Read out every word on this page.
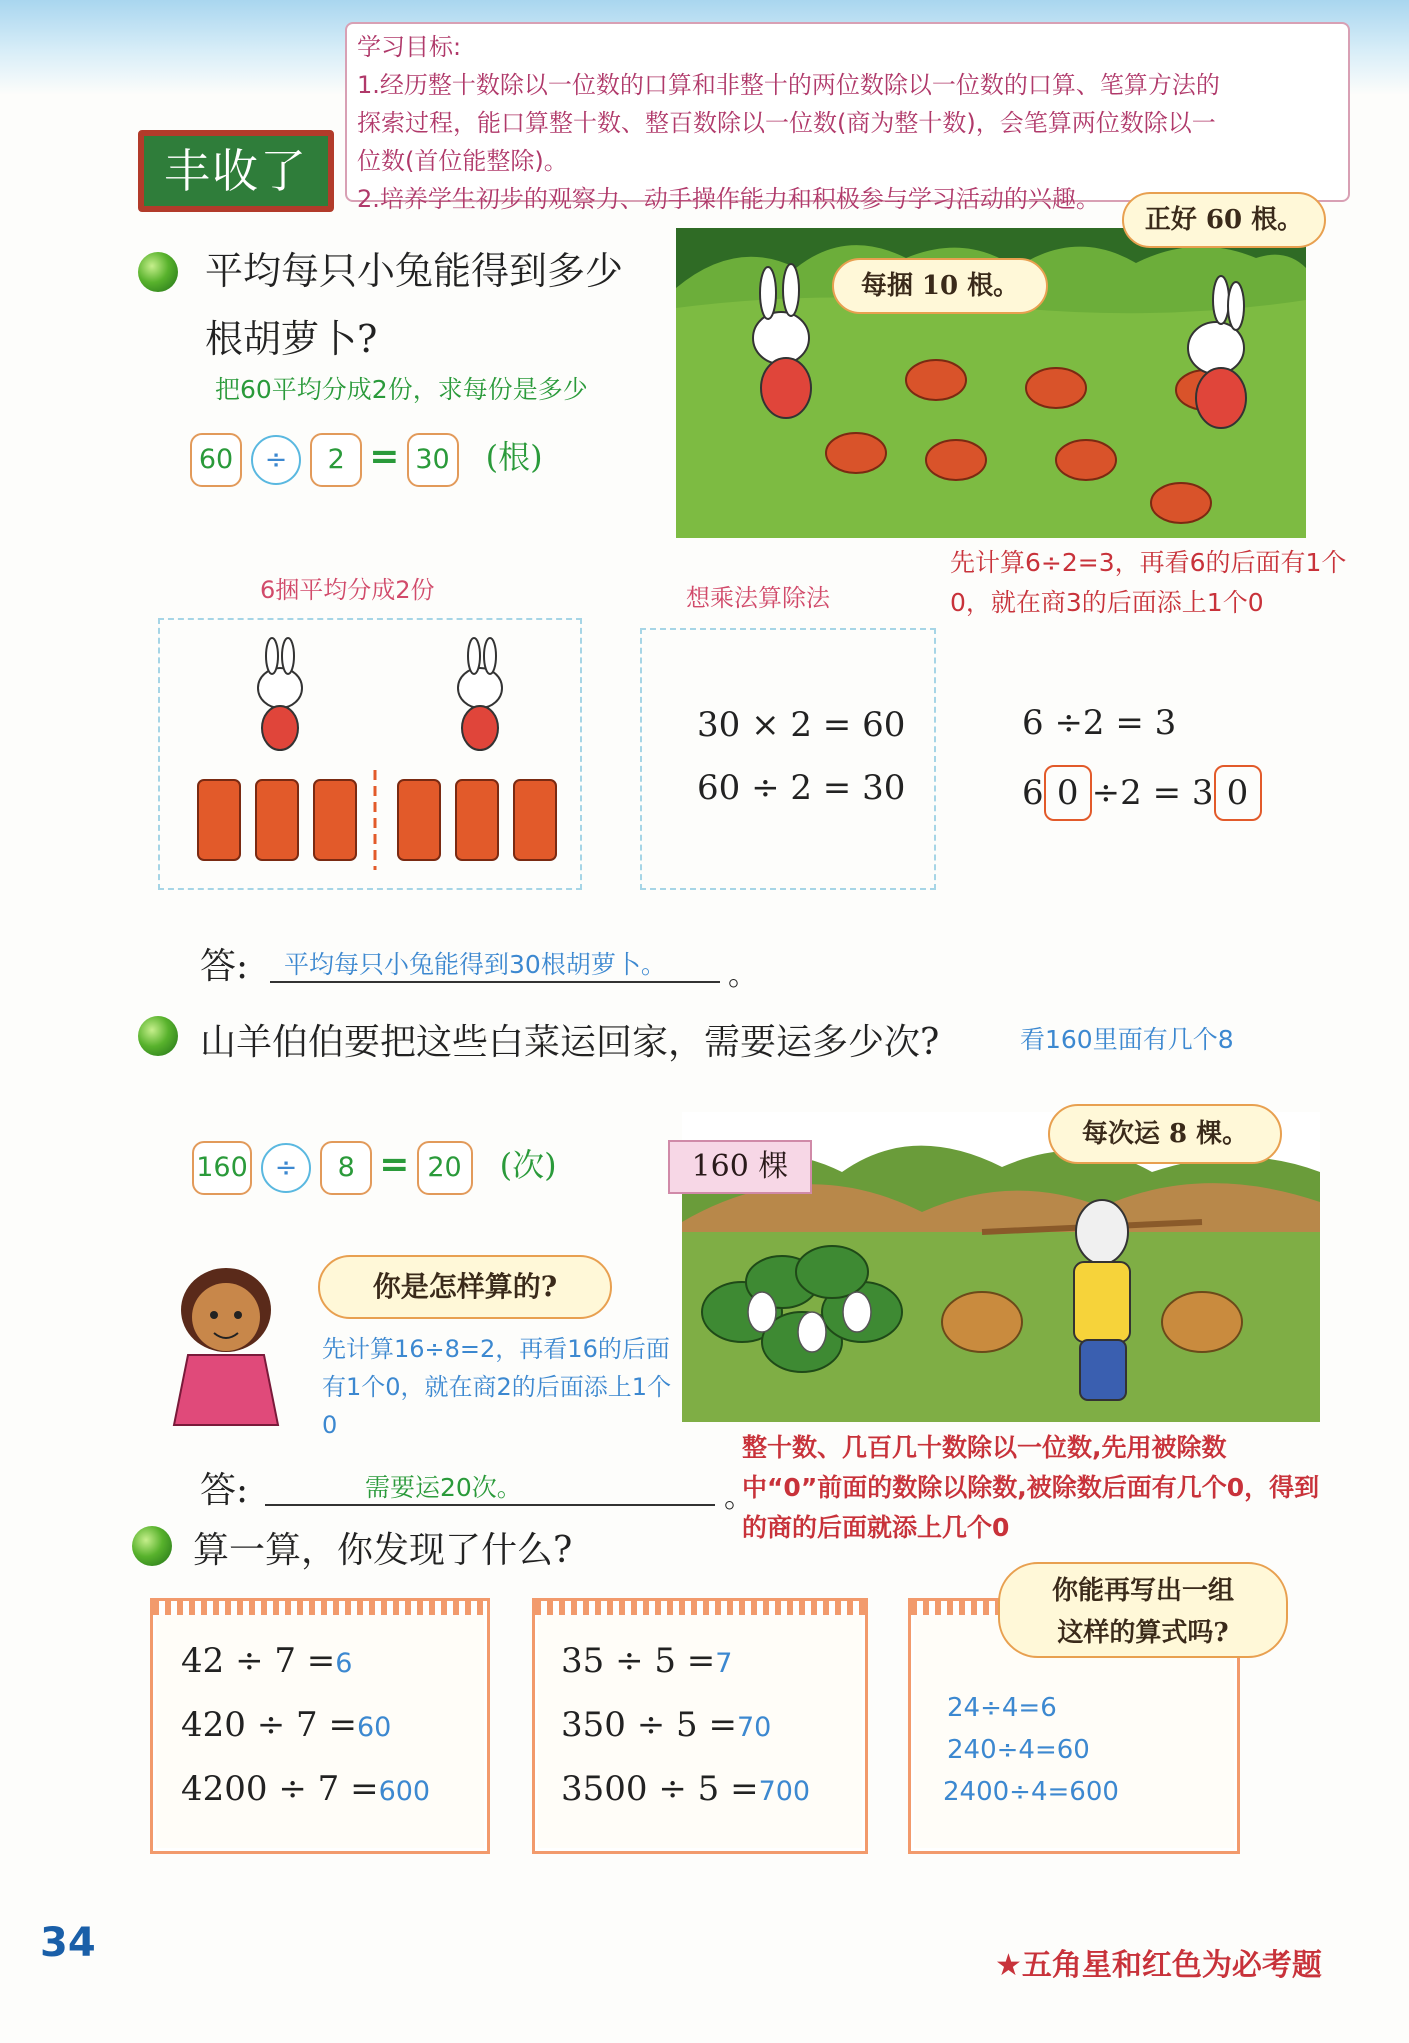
学习目标:

1.经历整十数除以一位数的口算和非整十的两位数除以一位数的口算、笔算方法的

探索过程，能口算整十数、整百数除以一位数(商为整十数)，会笔算两位数除以一

位数(首位能整除)。

2.培养学生初步的观察力、动手操作能力和积极参与学习活动的兴趣。

丰收了
平均每只小兔能得到多少
根胡萝卜?
把60平均分成2份，求每份是多少
60 ÷ 2 = 30 (根)
每捆 10 根。
正好 60 根。
先计算6÷2=3，再看6的后面有1个0，就在商3的后面添上1个0
6捆平均分成2份	想乘法算除法
30 × 2 = 60
60 ÷ 2 = 30
6 ÷2 = 3
6 0 ÷2 = 3 0
答:	平均每只小兔能得到30根胡萝卜。	。
山羊伯伯要把这些白菜运回家，需要运多少次?	看160里面有几个8
160 ÷ 8 = 20 (次)	160 棵
每次运 8 棵。
你是怎样算的?
先计算16÷8=2，再看16的后面有1个0，就在商2的后面添上1个0
答:	需要运20次。	。
整十数、几百几十数除以一位数,先用被除数
中“0”前面的数除以除数,被除数后面有几个0，得到的商的后面就添上几个0
算一算，你发现了什么?
42 ÷ 7 =6
420 ÷ 7 =60
4200 ÷ 7 =600
35 ÷ 5 =7
350 ÷ 5 =70
3500 ÷ 5 =700
24÷4=6
240÷4=60
2400÷4=600
你能再写出一组
这样的算式吗?
34	★五角星和红色为必考题
